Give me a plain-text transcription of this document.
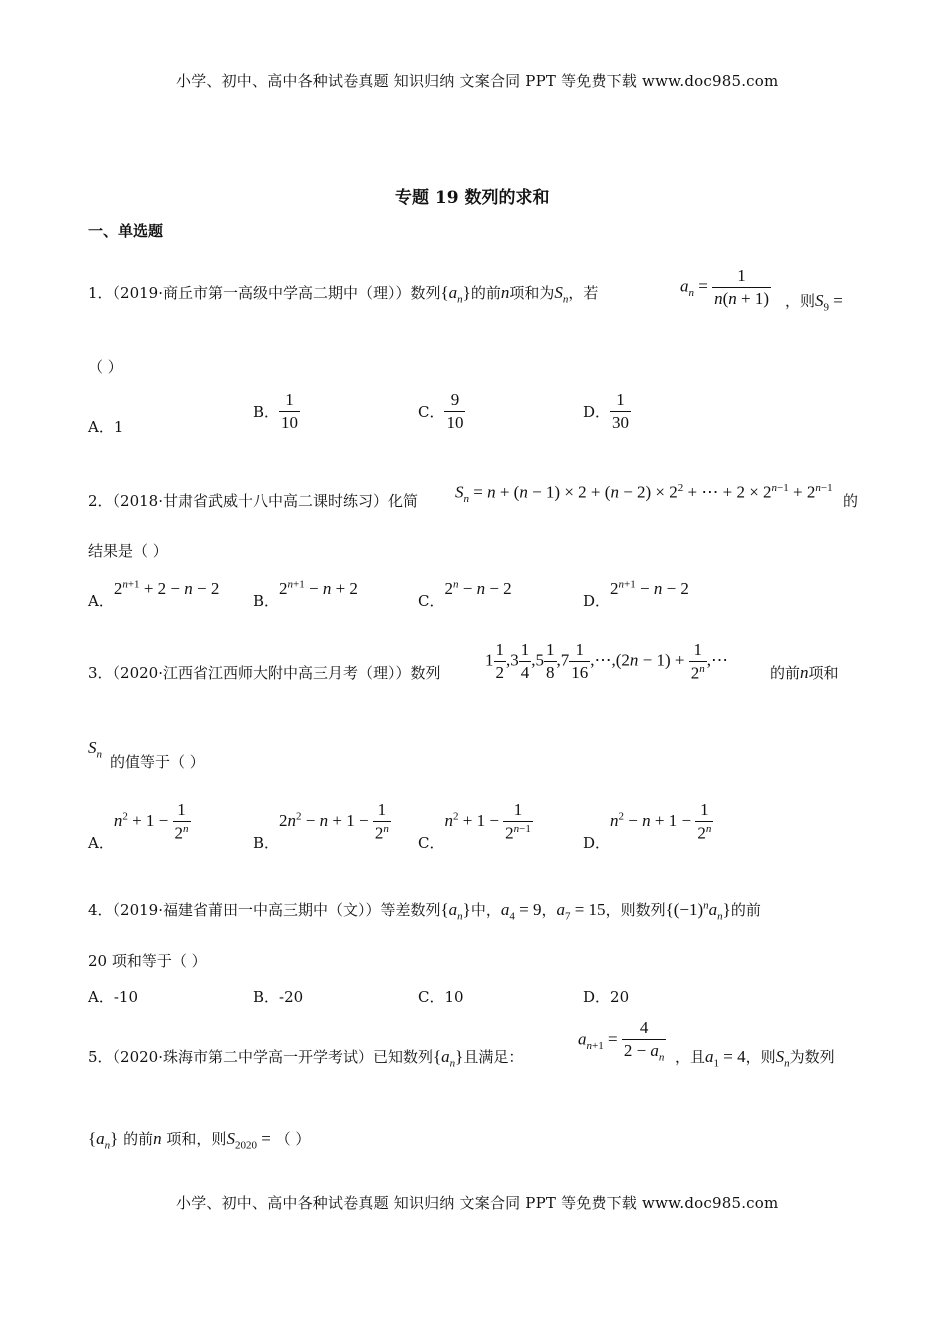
小学、初中、高中各种试卷真题 知识归纳 文案合同 PPT 等免费下载 www.doc985.com
专题 19 数列的求和
一、单选题
1．（2019·商丘市第一高级中学高二期中（理））数列$\{a_n\}$的前n项和为$S_n$，若	$a_n = \frac{1}{n(n + 1)}$ ，则$S_9$ =
（ ）
A．1
B． $\frac{1}{10}$	C． $\frac{9}{10}$	D． $\frac{1}{30}$
2．（2018·甘肃省武威十八中高二课时练习）化简 $S_n = n + (n - 1) \times 2 + (n - 2) \times 2^2$ + ⋯ + $2 \times 2^{n-1} + 2^{n-1}$
的
结果是（ ）
A．$2^{n+1} + 2 - n - 2$
B．$2^{n+1} - n + 2$
C．$2^n - n - 2$
D．$2^{n+1} - n - 2$
3．（2020·江西省江西师大附中高三月考（理））数列
$1 \frac{1}{2} ,3 \frac{1}{4} ,5 \frac{1}{8} ,7 \frac{1}{16}$ ,⋯,(2n − $1) + \frac{1}{2^n}$ ,⋯
的前n项和
$S_n$ 的值等于（ ）
A．$n^2 + 1 - \frac{1}{2^n}$	B．$2n^2 - n + 1 - \frac{1}{2^n}$ C．$n^2 + 1 - \frac{1}{2^{n-1}}$	D．$n^2 - n + 1 - \frac{1}{2^n}$
4．（2019·福建省莆田一中高三期中（文））等差数列$\{a_n\}$中，$a_4 = 9$，$a_7 = 15$，则数列$\{(-1)^na_n\}$的前
20 项和等于（ ）
A．-10	B．-20	C．10	D．20
5．（2020·珠海市第二中学高一开学考试）已知数列$\{a_n\}$且满足：
$a_{n+1} = \frac{4}{2 - a_n}$ ，且$a_1 = 4$，则$S_n$为数列
$\{a_n\}$ 的前n 项和，则$S_{2020}$ = （ ）
小学、初中、高中各种试卷真题 知识归纳 文案合同 PPT 等免费下载 www.doc985.com
